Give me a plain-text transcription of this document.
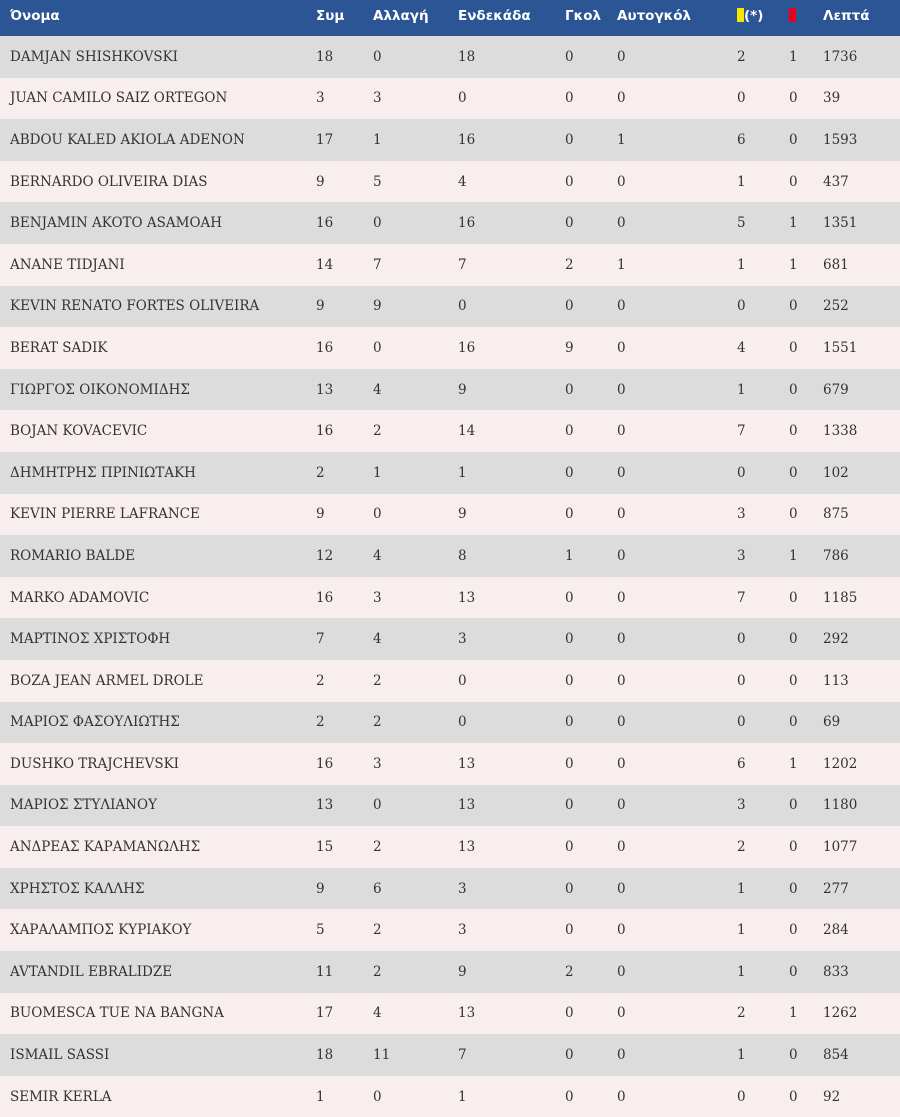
Όνομα	Συμ	Αλλαγή	Ενδεκάδα	Γκολ	Αυτογκόλ	(*)		Λεπτά
DAMJAN SHISHKOVSKI	18	0	18	0	0	2	1	1736
JUAN CAMILO SAIZ ORTEGON	3	3	0	0	0	0	0	39
ABDOU KALED AKIOLA ADENON	17	1	16	0	1	6	0	1593
BERNARDO OLIVEIRA DIAS	9	5	4	0	0	1	0	437
BENJAMIN AKOTO ASAMOAH	16	0	16	0	0	5	1	1351
ANANE TIDJANI	14	7	7	2	1	1	1	681
KEVIN RENATO FORTES OLIVEIRA	9	9	0	0	0	0	0	252
BERAT SADIK	16	0	16	9	0	4	0	1551
ΓΙΩΡΓΟΣ ΟΙΚΟΝΟΜΙΔΗΣ	13	4	9	0	0	1	0	679
BOJAN KOVACEVIC	16	2	14	0	0	7	0	1338
ΔΗΜΗΤΡΗΣ ΠΡΙΝΙΩΤΑΚΗ	2	1	1	0	0	0	0	102
KEVIN PIERRE LAFRANCE	9	0	9	0	0	3	0	875
ROMARIO BALDE	12	4	8	1	0	3	1	786
MARKO ADAMOVIC	16	3	13	0	0	7	0	1185
ΜΑΡΤΙΝΟΣ ΧΡΙΣΤΟΦΗ	7	4	3	0	0	0	0	292
BOZA JEAN ARMEL DROLE	2	2	0	0	0	0	0	113
ΜΑΡΙΟΣ ΦΑΣΟΥΛΙΩΤΗΣ	2	2	0	0	0	0	0	69
DUSHKO TRAJCHEVSKI	16	3	13	0	0	6	1	1202
ΜΑΡΙΟΣ ΣΤΥΛΙΑΝΟΥ	13	0	13	0	0	3	0	1180
ΑΝΔΡΕΑΣ ΚΑΡΑΜΑΝΩΛΗΣ	15	2	13	0	0	2	0	1077
ΧΡΗΣΤΟΣ ΚΑΛΛΗΣ	9	6	3	0	0	1	0	277
ΧΑΡΑΛΑΜΠΟΣ ΚΥΡΙΑΚΟΥ	5	2	3	0	0	1	0	284
AVTANDIL EBRALIDZE	11	2	9	2	0	1	0	833
BUOMESCA TUE NA BANGNA	17	4	13	0	0	2	1	1262
ISMAIL SASSI	18	11	7	0	0	1	0	854
SEMIR KERLA	1	0	1	0	0	0	0	92
